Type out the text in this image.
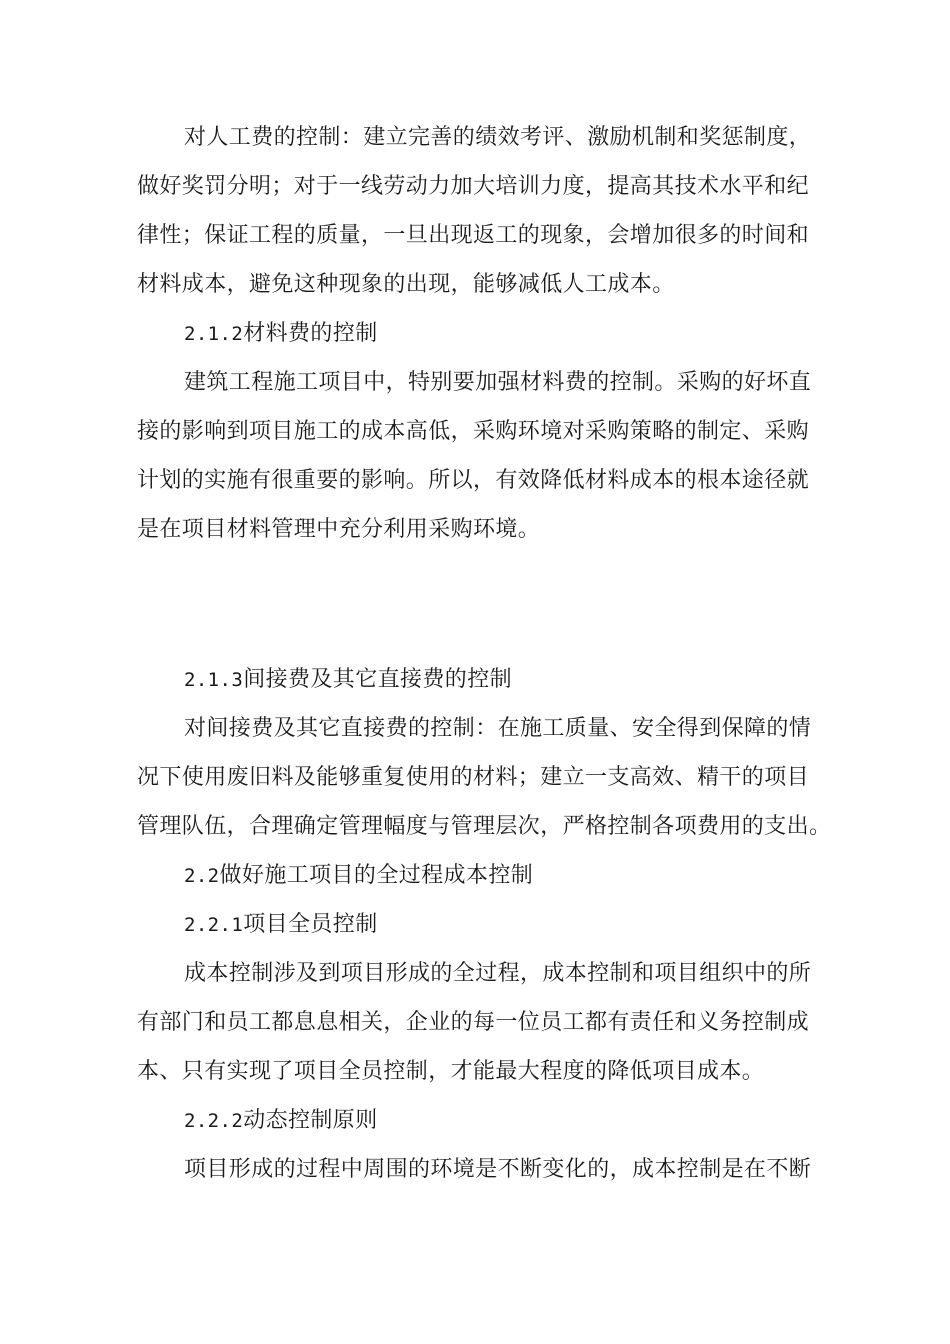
对人工费的控制：建立完善的绩效考评、激励机制和奖惩制度，
做好奖罚分明；对于一线劳动力加大培训力度，提高其技术水平和纪
律性；保证工程的质量，一旦出现返工的现象，会增加很多的时间和
材料成本，避免这种现象的出现，能够减低人工成本。
2.1.2材料费的控制
建筑工程施工项目中，特别要加强材料费的控制。采购的好坏直
接的影响到项目施工的成本高低，采购环境对采购策略的制定、采购
计划的实施有很重要的影响。所以，有效降低材料成本的根本途径就
是在项目材料管理中充分利用采购环境。
2.1.3间接费及其它直接费的控制
对间接费及其它直接费的控制：在施工质量、安全得到保障的情
况下使用废旧料及能够重复使用的材料；建立一支高效、精干的项目
管理队伍，合理确定管理幅度与管理层次，严格控制各项费用的支出。
2.2做好施工项目的全过程成本控制
2.2.1项目全员控制
成本控制涉及到项目形成的全过程，成本控制和项目组织中的所
有部门和员工都息息相关，企业的每一位员工都有责任和义务控制成
本、只有实现了项目全员控制，才能最大程度的降低项目成本。
2.2.2动态控制原则
项目形成的过程中周围的环境是不断变化的，成本控制是在不断
